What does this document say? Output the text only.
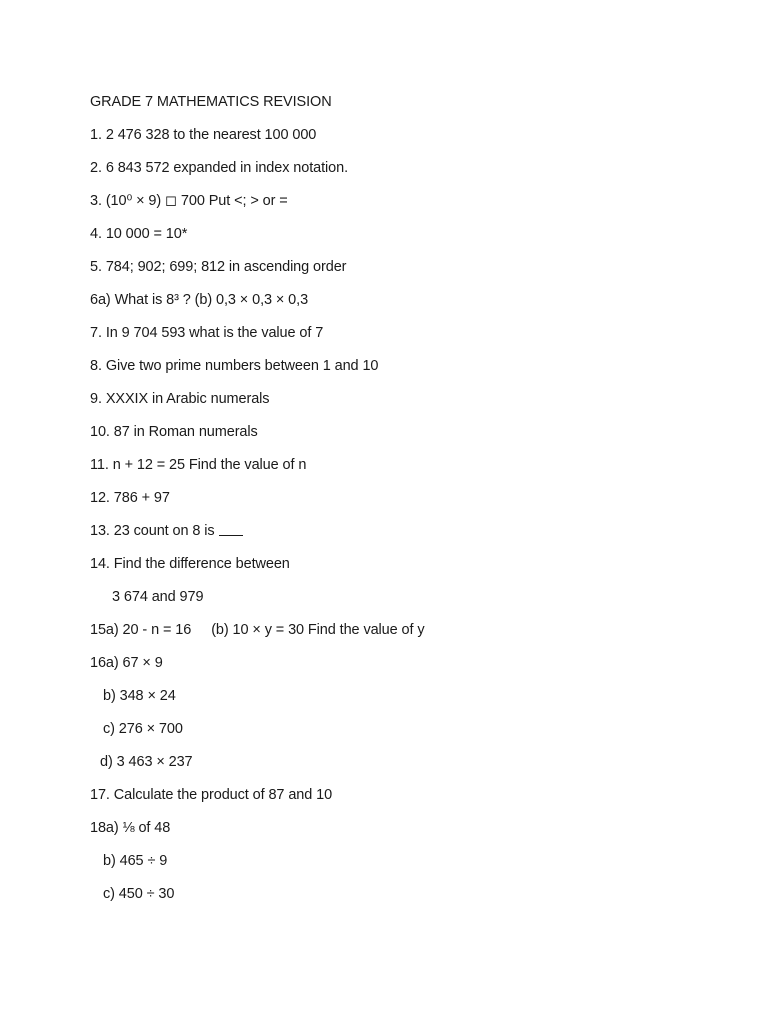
GRADE 7 MATHEMATICS REVISION
1. 2 476 328 to the nearest 100 000
2. 6 843 572 expanded in index notation.
3. (10⁰ × 9) ◻ 700 Put <; > or =
4. 10 000 = 10*
5. 784; 902; 699; 812 in ascending order
6a) What is 8³ ? (b) 0,3 × 0,3 × 0,3
7. In 9 704 593 what is the value of 7
8. Give two prime numbers between 1 and 10
9. XXXIX in Arabic numerals
10. 87 in Roman numerals
11. n + 12 = 25 Find the value of n
12. 786 + 97
13. 23 count on 8 is
14. Find the difference between
3 674 and 979
15a) 20 - n = 16 (b) 10 × y = 30 Find the value of y
16a) 67 × 9
b) 348 × 24
c) 276 × 700
d) 3 463 × 237
17. Calculate the product of 87 and 10
18a) ⅛ of 48
b) 465 ÷ 9
c) 450 ÷ 30
